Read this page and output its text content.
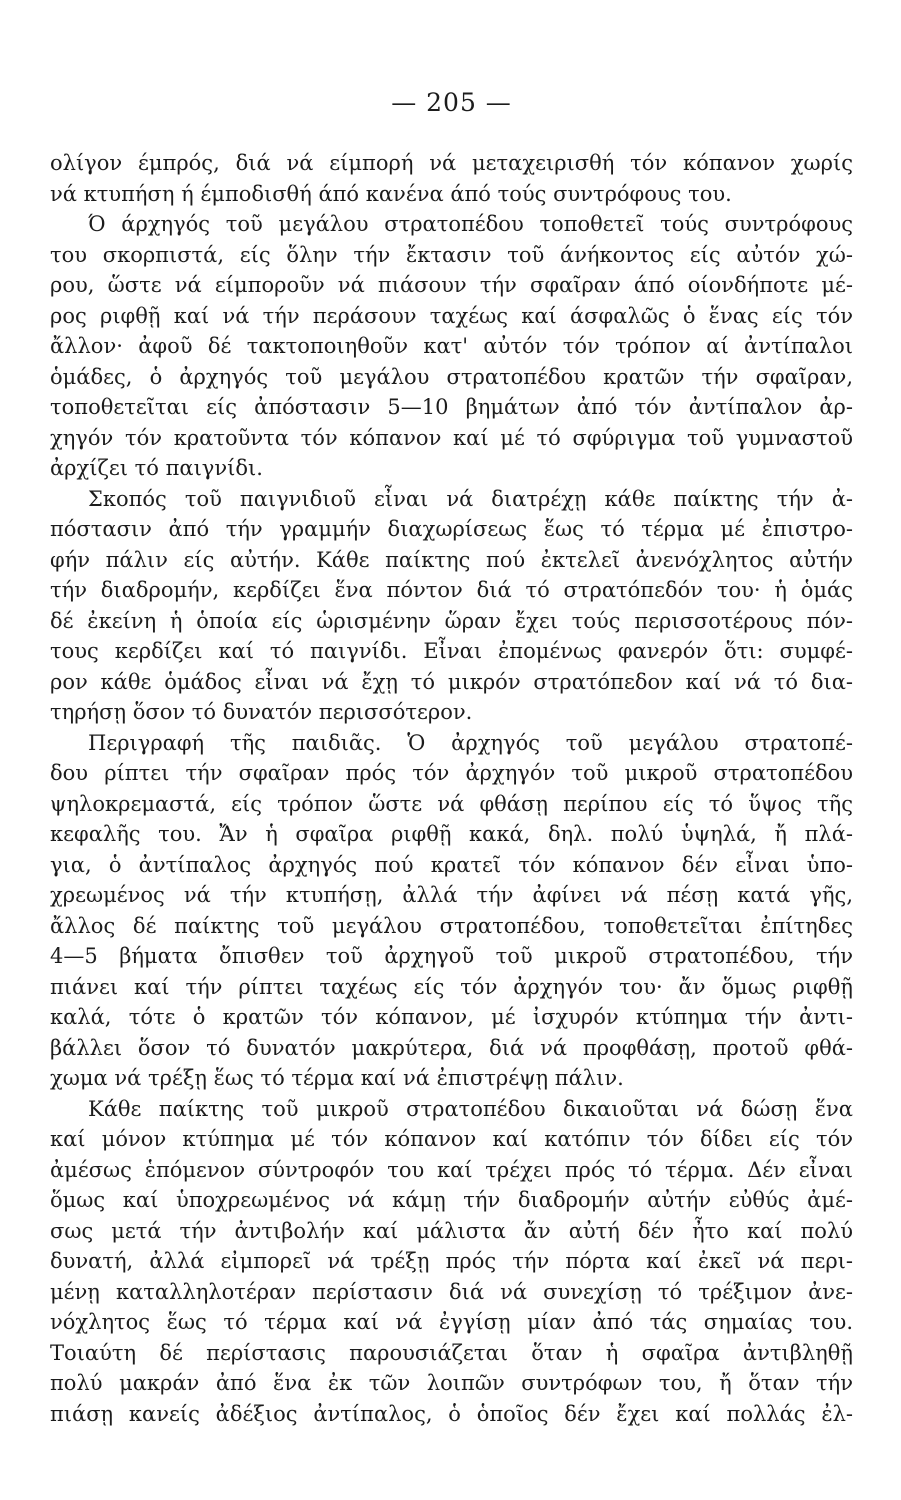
— 205 —
ολίγον έμπρός, διά νά είμπορή νά μεταχειρισθή τόν κόπανον χωρίς
νά κτυπήση ή έμποδισθή άπό κανένα άπό τούς συντρόφους του.
Ό άρχηγός τοῦ μεγάλου στρατοπέδου τοποθετεῖ τούς συντρόφους
του σκορπιστά, είς ὅλην τήν ἔκτασιν τοῦ άνήκοντος είς αὐτόν χώ-
ρου, ὥστε νά είμποροῦν νά πιάσουν τήν σφαῖραν άπό οίονδήποτε μέ-
ρος ριφθῇ καί νά τήν περάσουν ταχέως καί άσφαλῶς ὁ ἕνας είς τόν
ἄλλον· ἀφοῦ δέ τακτοποιηθοῦν κατ' αὐτόν τόν τρόπον αί ἀντίπαλοι
ὁμάδες, ὁ ἀρχηγός τοῦ μεγάλου στρατοπέδου κρατῶν τήν σφαῖραν,
τοποθετεῖται είς ἀπόστασιν 5—10 βημάτων ἀπό τόν ἀντίπαλον ἀρ-
χηγόν τόν κρατοῦντα τόν κόπανον καί μέ τό σφύριγμα τοῦ γυμναστοῦ
ἀρχίζει τό παιγνίδι.
Σκοπός τοῦ παιγνιδιοῦ εἶναι νά διατρέχῃ κάθε παίκτης τήν ἀ-
πόστασιν ἀπό τήν γραμμήν διαχωρίσεως ἕως τό τέρμα μέ ἐπιστρο-
φήν πάλιν είς αὐτήν. Κάθε παίκτης πού ἐκτελεῖ ἀνενόχλητος αὐτήν
τήν διαδρομήν, κερδίζει ἕνα πόντον διά τό στρατόπεδόν του· ἡ ὁμάς
δέ ἐκείνη ἡ ὁποία είς ὡρισμένην ὥραν ἔχει τούς περισσοτέρους πόν-
τους κερδίζει καί τό παιγνίδι. Εἶναι ἐπομένως φανερόν ὅτι: συμφέ-
ρον κάθε ὁμάδος εἶναι νά ἔχῃ τό μικρόν στρατόπεδον καί νά τό δια-
τηρήσῃ ὅσον τό δυνατόν περισσότερον.
Περιγραφή τῆς παιδιᾶς. Ὁ ἀρχηγός τοῦ μεγάλου στρατοπέ-
δου ρίπτει τήν σφαῖραν πρός τόν ἀρχηγόν τοῦ μικροῦ στρατοπέδου
ψηλοκρεμαστά, είς τρόπον ὥστε νά φθάσῃ περίπου είς τό ὕψος τῆς
κεφαλῆς του. Ἄν ἡ σφαῖρα ριφθῇ κακά, δηλ. πολύ ὑψηλά, ἤ πλά-
για, ὁ ἀντίπαλος ἀρχηγός πού κρατεῖ τόν κόπανον δέν εἶναι ὑπο-
χρεωμένος νά τήν κτυπήσῃ, ἀλλά τήν ἀφίνει νά πέσῃ κατά γῆς,
ἄλλος δέ παίκτης τοῦ μεγάλου στρατοπέδου, τοποθετεῖται ἐπίτηδες
4—5 βήματα ὄπισθεν τοῦ ἀρχηγοῦ τοῦ μικροῦ στρατοπέδου, τήν
πιάνει καί τήν ρίπτει ταχέως είς τόν ἀρχηγόν του· ἄν ὅμως ριφθῇ
καλά, τότε ὁ κρατῶν τόν κόπανον, μέ ἰσχυρόν κτύπημα τήν ἀντι-
βάλλει ὅσον τό δυνατόν μακρύτερα, διά νά προφθάσῃ, προτοῦ φθά-
χωμα νά τρέξῃ ἕως τό τέρμα καί νά ἐπιστρέψῃ πάλιν.
Κάθε παίκτης τοῦ μικροῦ στρατοπέδου δικαιοῦται νά δώσῃ ἕνα
καί μόνον κτύπημα μέ τόν κόπανον καί κατόπιν τόν δίδει είς τόν
ἀμέσως ἑπόμενον σύντροφόν του καί τρέχει πρός τό τέρμα. Δέν εἶναι
ὅμως καί ὑποχρεωμένος νά κάμῃ τήν διαδρομήν αὐτήν εὐθύς ἀμέ-
σως μετά τήν ἀντιβολήν καί μάλιστα ἄν αὐτή δέν ἦτο καί πολύ
δυνατή, ἀλλά εἰμπορεῖ νά τρέξῃ πρός τήν πόρτα καί ἐκεῖ νά περι-
μένῃ καταλληλοτέραν περίστασιν διά νά συνεχίσῃ τό τρέξιμον ἀνε-
νόχλητος ἕως τό τέρμα καί νά ἐγγίσῃ μίαν ἀπό τάς σημαίας του.
Τοιαύτη δέ περίστασις παρουσιάζεται ὅταν ἡ σφαῖρα ἀντιβληθῇ
πολύ μακράν ἀπό ἕνα ἐκ τῶν λοιπῶν συντρόφων του, ἤ ὅταν τήν
πιάσῃ κανείς ἀδέξιος ἀντίπαλος, ὁ ὁποῖος δέν ἔχει καί πολλάς ἐλ-
